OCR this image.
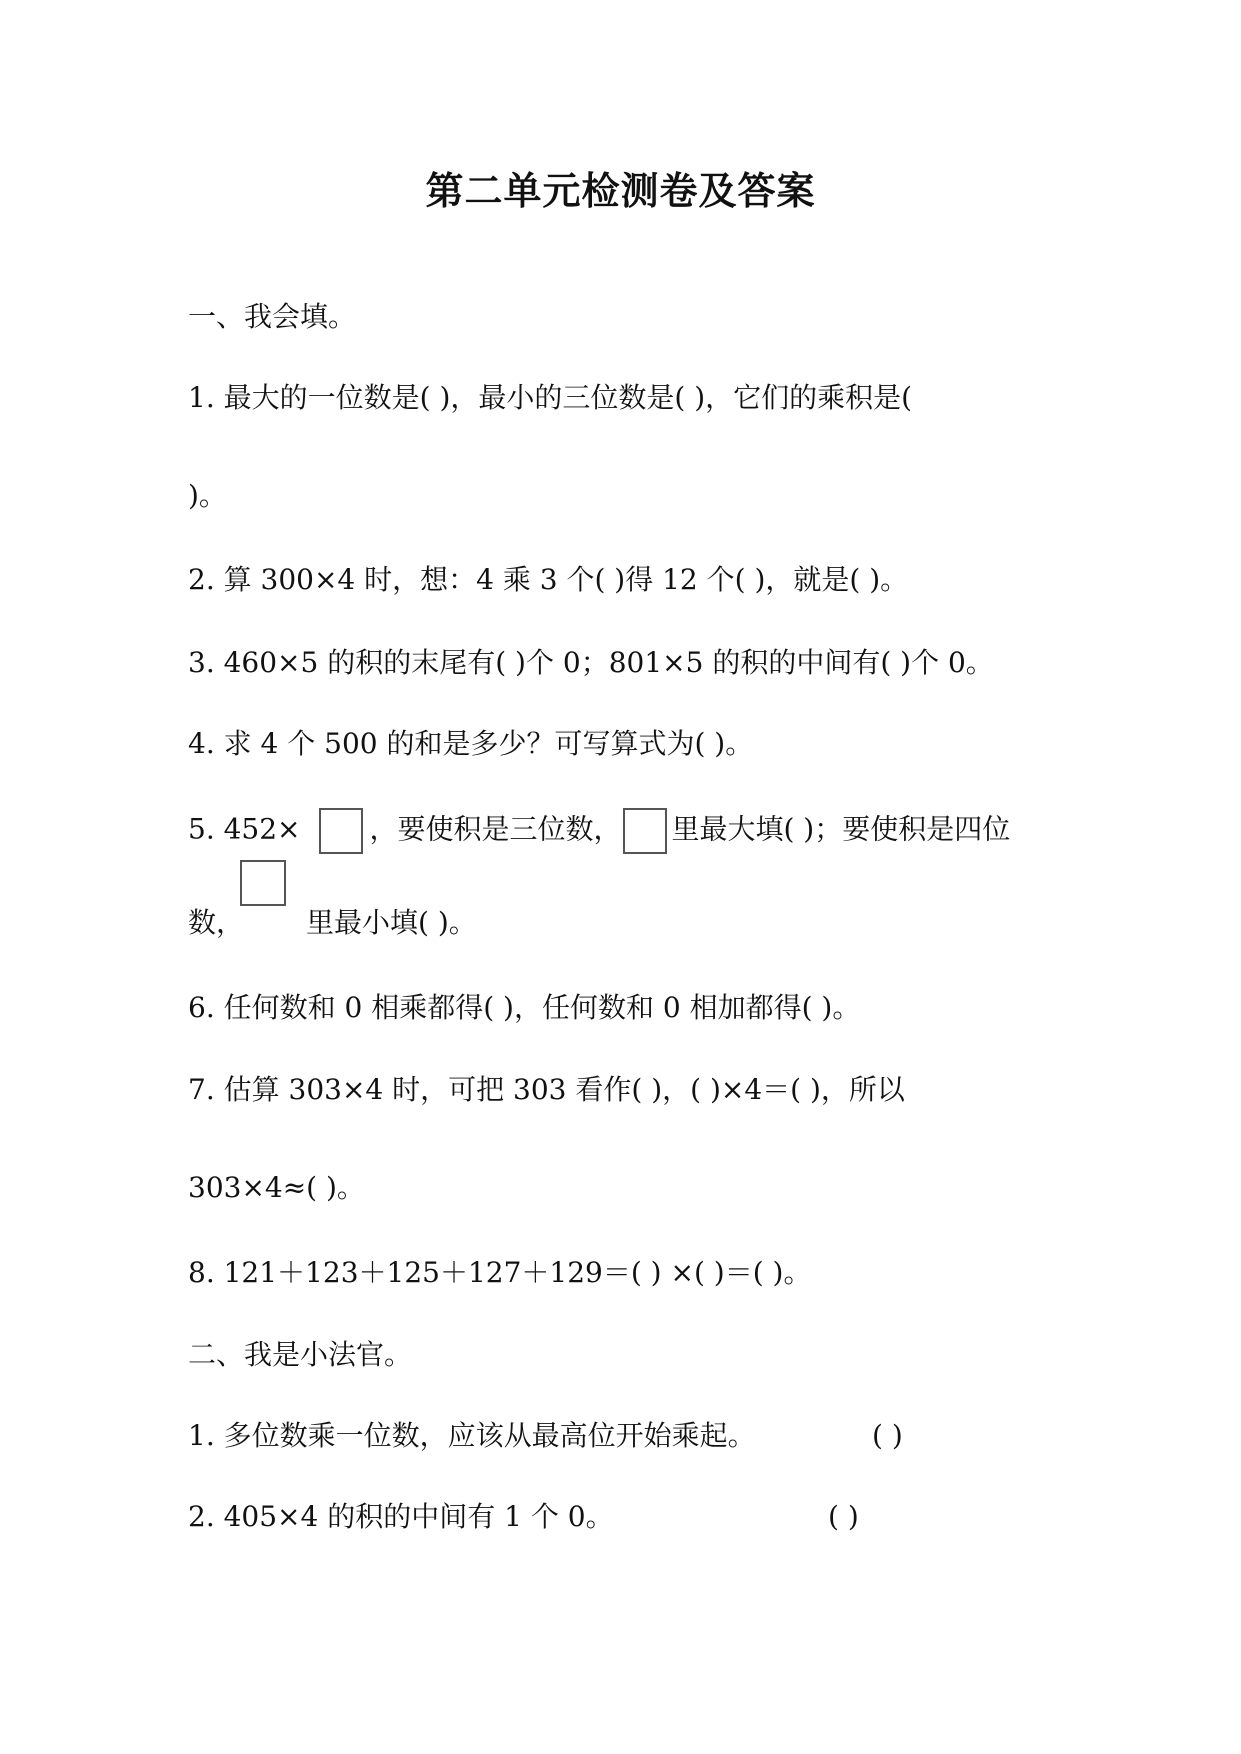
第二单元检测卷及答案
一、我会填。
1. 最大的一位数是( )，最小的三位数是( )，它们的乘积是(
)。
2. 算 300×4 时，想：4 乘 3 个( )得 12 个( )，就是( )。
3. 460×5 的积的末尾有( )个 0；801×5 的积的中间有( )个 0。
4. 求 4 个 500 的和是多少？可写算式为( )。
5. 452× ，要使积是三位数， 里最大填( )；要使积是四位
数，	里最小填( )。
6. 任何数和 0 相乘都得( )，任何数和 0 相加都得( )。
7. 估算 303×4 时，可把 303 看作( )，( )×4＝( )，所以
303×4≈( )。
8. 121＋123＋125＋127＋129＝( ) ×( )＝( )。
二、我是小法官。
1. 多位数乘一位数，应该从最高位开始乘起。	( )
2. 405×4 的积的中间有 1 个 0。	( )
